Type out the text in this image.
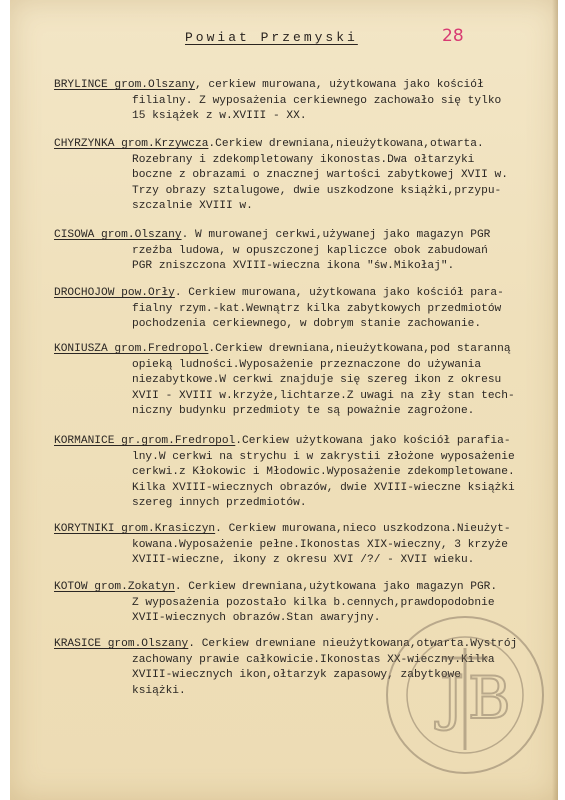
Powiat Przemyski	28
BRYLINCE grom.Olszany, cerkiew murowana, użytkowana jako kościół
filialny. Z wyposażenia cerkiewnego zachowało się tylko
15 książek z w.XVIII - XX.
CHYRZYNKA grom.Krzywcza.Cerkiew drewniana,nieużytkowana,otwarta.
Rozebrany i zdekompletowany ikonostas.Dwa ołtarzyki
boczne z obrazami o znacznej wartości zabytkowej XVII w.
Trzy obrazy sztalugowe, dwie uszkodzone książki,przypu-
szczalnie XVIII w.
CISOWA grom.Olszany. W murowanej cerkwi,używanej jako magazyn PGR
rzeźba ludowa, w opuszczonej kapliczce obok zabudowań
PGR zniszczona XVIII-wieczna ikona "św.Mikołaj".
DROCHOJOW pow.Orły. Cerkiew murowana, użytkowana jako kościół para-
fialny rzym.-kat.Wewnątrz kilka zabytkowych przedmiotów
pochodzenia cerkiewnego, w dobrym stanie zachowanie.
KONIUSZA grom.Fredropol.Cerkiew drewniana,nieużytkowana,pod staranną
opieką ludności.Wyposażenie przeznaczone do używania
niezabytkowe.W cerkwi znajduje się szereg ikon z okresu
XVII - XVIII w.krzyże,lichtarze.Z uwagi na zły stan tech-
niczny budynku przedmioty te są poważnie zagrożone.
KORMANICE gr.grom.Fredropol.Cerkiew użytkowana jako kościół parafia-
lny.W cerkwi na strychu i w zakrystii złożone wyposażenie
cerkwi.z Kłokowic i Młodowic.Wyposażenie zdekompletowane.
Kilka XVIII-wiecznych obrazów, dwie XVIII-wieczne książki
szereg innych przedmiotów.
KORYTNIKI grom.Krasiczyn. Cerkiew murowana,nieco uszkodzona.Nieużyt-
kowana.Wyposażenie pełne.Ikonostas XIX-wieczny, 3 krzyże
XVIII-wieczne, ikony z okresu XVI /?/ - XVII wieku.
KOTOW grom.Zokatyn. Cerkiew drewniana,użytkowana jako magazyn PGR.
Z wyposażenia pozostało kilka b.cennych,prawdopodobnie
XVII-wiecznych obrazów.Stan awaryjny.
KRASICE grom.Olszany. Cerkiew drewniane nieużytkowana,otwarta.Wystrój
zachowany prawie całkowicie.Ikonostas XX-wieczny.Kilka
XVIII-wiecznych ikon,ołtarzyk zapasowy, zabytkowe
książki.	J B
